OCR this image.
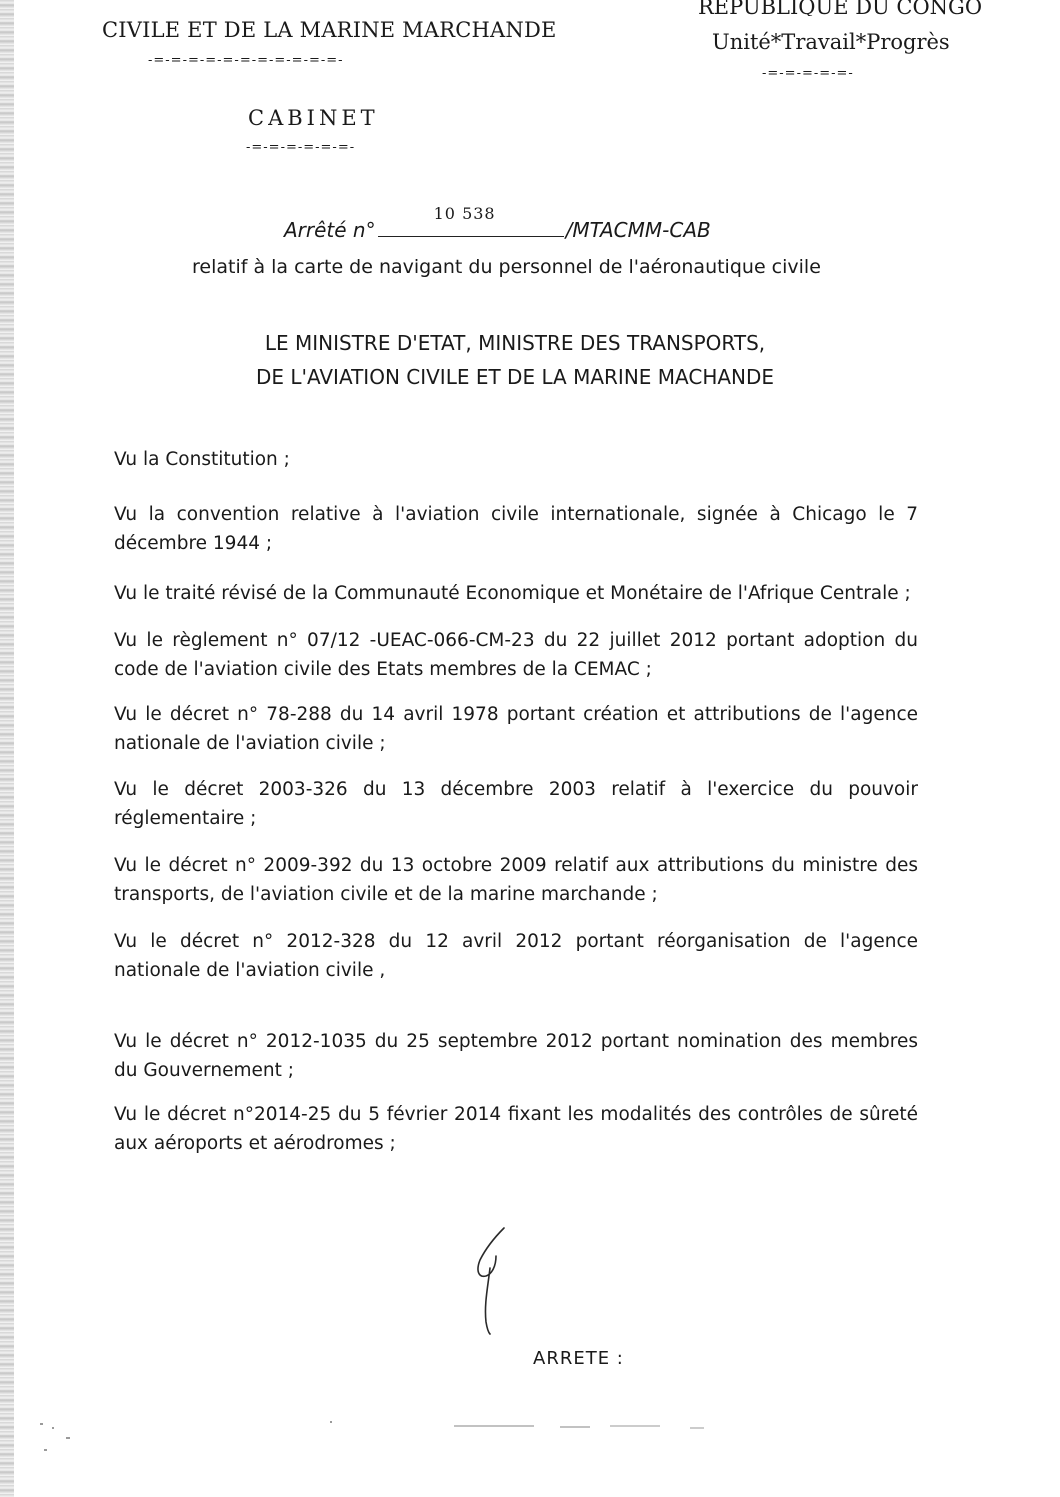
CIVILE ET DE LA MARINE MARCHANDE
-=-=-=-=-=-=-=-=-=-=-=-
REPUBLIQUE DU CONGO
Unité*Travail*Progrès
-=-=-=-=-=-
CABINET
-=-=-=-=-=-=-
Arrêté n°
10 538
/MTACMM-CAB
relatif à la carte de navigant du personnel de l'aéronautique civile
LE MINISTRE D'ETAT, MINISTRE DES TRANSPORTS,
DE L'AVIATION CIVILE ET DE LA MARINE MACHANDE
Vu la Constitution ;
Vu la convention relative à l'aviation civile internationale, signée à Chicago le 7 décembre 1944 ;
Vu le traité révisé de la Communauté Economique et Monétaire de l'Afrique Centrale ;
Vu le règlement n° 07/12 -UEAC-066-CM-23 du 22 juillet 2012 portant adoption du code de l'aviation civile des Etats membres de la CEMAC ;
Vu le décret n° 78-288 du 14 avril 1978 portant création et attributions de l'agence nationale de l'aviation civile ;
Vu le décret 2003-326 du 13 décembre 2003 relatif à l'exercice du pouvoir réglementaire ;
Vu le décret n° 2009-392 du 13 octobre 2009 relatif aux attributions du ministre des transports, de l'aviation civile et de la marine marchande ;
Vu le décret n° 2012-328 du 12 avril 2012 portant réorganisation de l'agence nationale de l'aviation civile ,
Vu le décret n° 2012-1035 du 25 septembre 2012 portant nomination des membres du Gouvernement ;
Vu le décret n°2014-25 du 5 février 2014 fixant les modalités des contrôles de sûreté aux aéroports et aérodromes ;
ARRETE :
